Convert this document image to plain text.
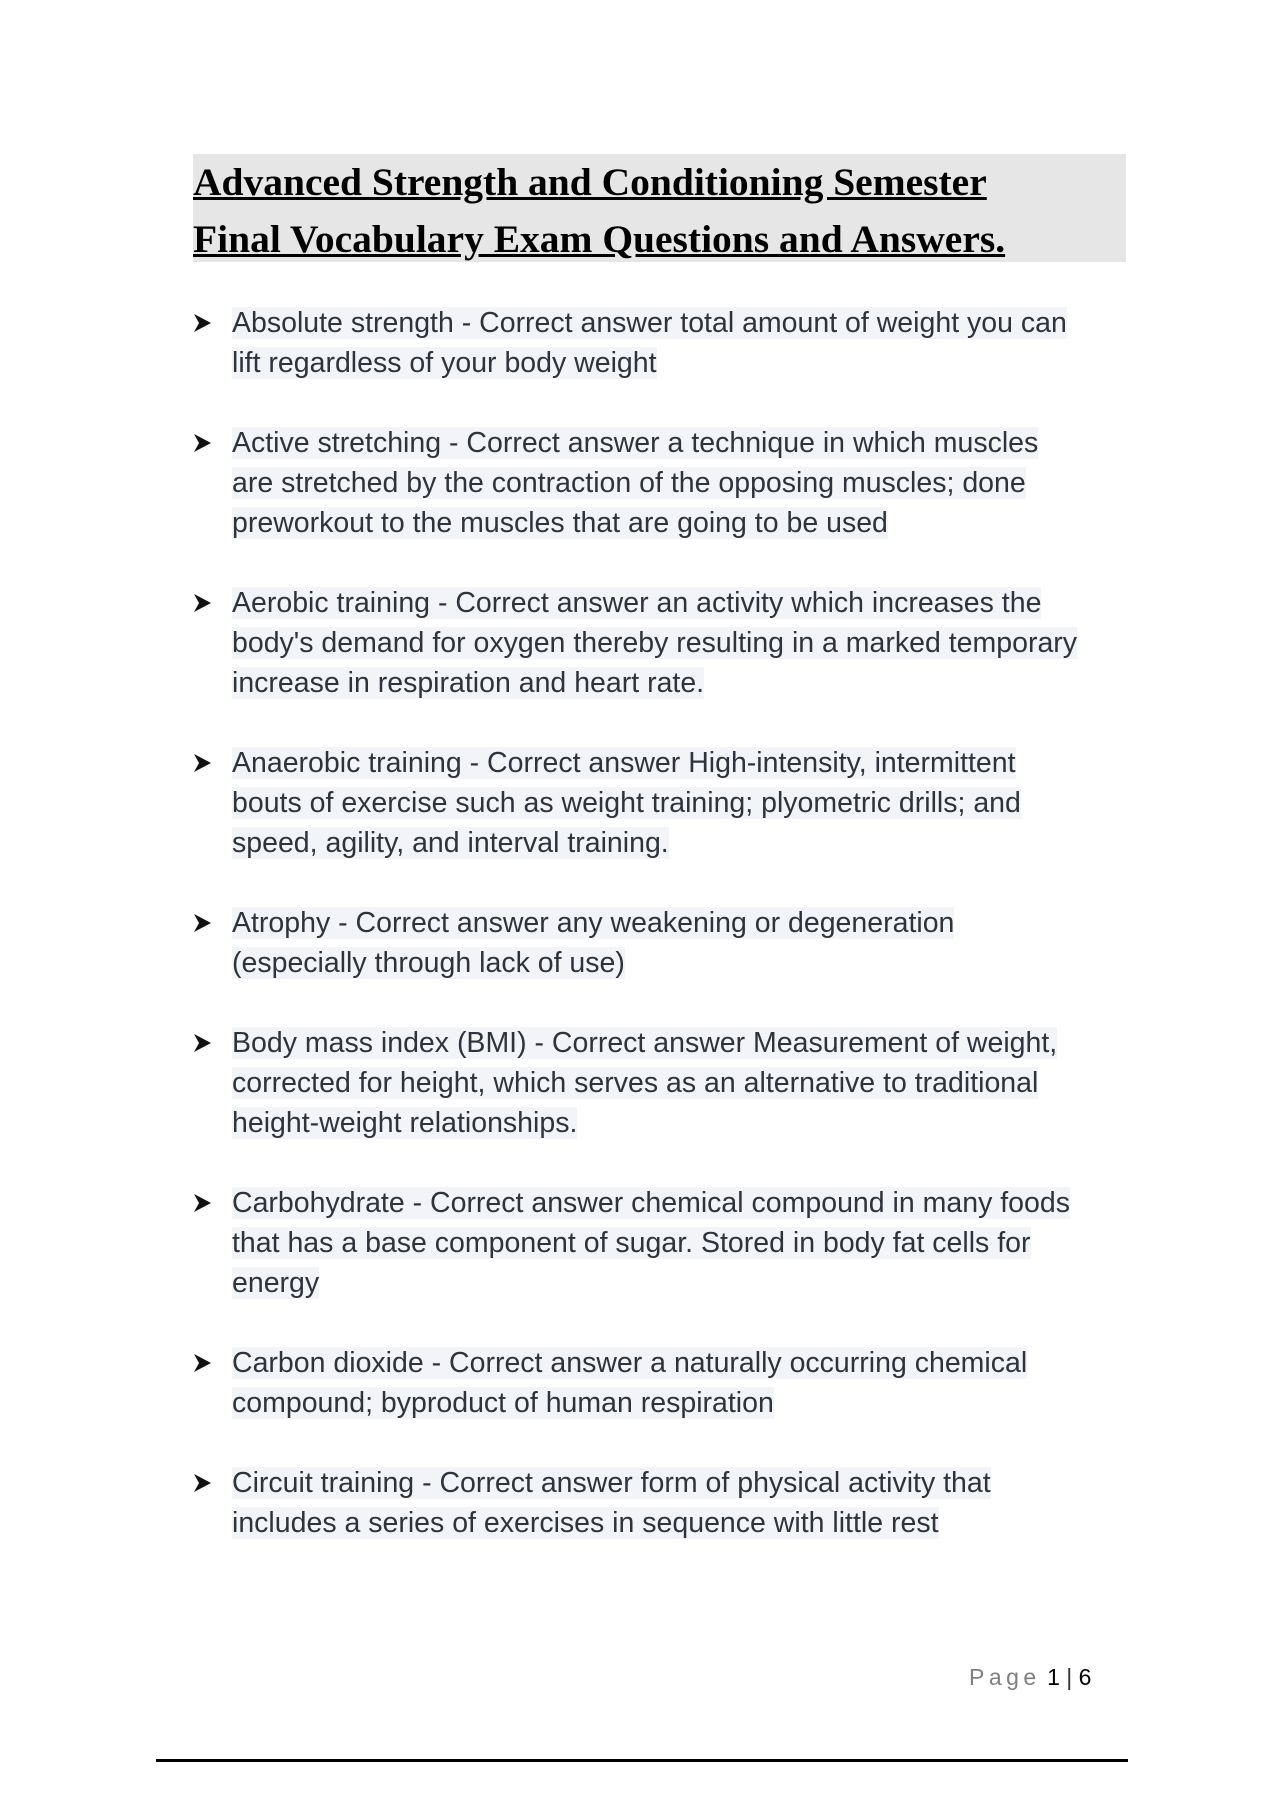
Advanced Strength and Conditioning Semester
Final Vocabulary Exam Questions and Answers.
Absolute strength - Correct answer total amount of weight you can
lift regardless of your body weight
Active stretching - Correct answer a technique in which muscles
are stretched by the contraction of the opposing muscles; done
preworkout to the muscles that are going to be used
Aerobic training - Correct answer an activity which increases the
body's demand for oxygen thereby resulting in a marked temporary
increase in respiration and heart rate.
Anaerobic training - Correct answer High-intensity, intermittent
bouts of exercise such as weight training; plyometric drills; and
speed, agility, and interval training.
Atrophy - Correct answer any weakening or degeneration
(especially through lack of use)
Body mass index (BMI) - Correct answer Measurement of weight,
corrected for height, which serves as an alternative to traditional
height-weight relationships.
Carbohydrate - Correct answer chemical compound in many foods
that has a base component of sugar. Stored in body fat cells for
energy
Carbon dioxide - Correct answer a naturally occurring chemical
compound; byproduct of human respiration
Circuit training - Correct answer form of physical activity that
includes a series of exercises in sequence with little rest
Page 1 | 6
